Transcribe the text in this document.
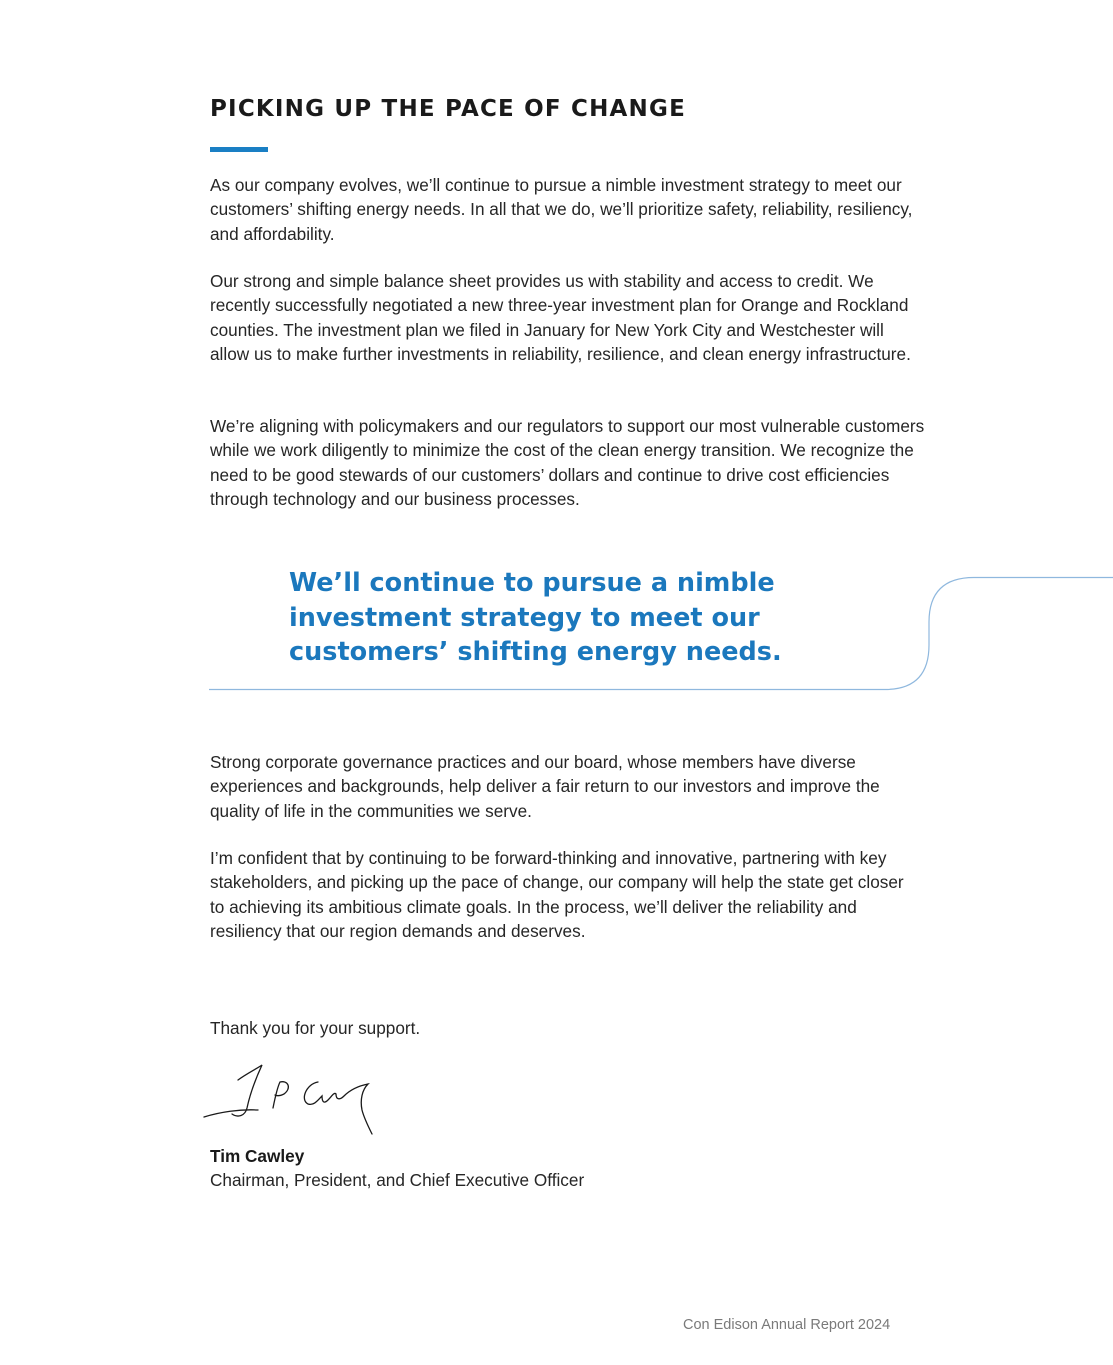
PICKING UP THE PACE OF CHANGE

As our company evolves, we’ll continue to pursue a nimble investment strategy to meet our customers’ shifting energy needs. In all that we do, we’ll prioritize safety, reliability, resiliency, and affordability.

Our strong and simple balance sheet provides us with stability and access to credit. We recently successfully negotiated a new three-year investment plan for Orange and Rockland counties. The investment plan we filed in January for New York City and Westchester will allow us to make further investments in reliability, resilience, and clean energy infrastructure.

We’re aligning with policymakers and our regulators to support our most vulnerable customers while we work diligently to minimize the cost of the clean energy transition. We recognize the need to be good stewards of our customers’ dollars and continue to drive cost efficiencies through technology and our business processes.

We’ll continue to pursue a nimble investment strategy to meet our customers’ shifting energy needs.

Strong corporate governance practices and our board, whose members have diverse experiences and backgrounds, help deliver a fair return to our investors and improve the quality of life in the communities we serve.

I’m confident that by continuing to be forward-thinking and innovative, partnering with key stakeholders, and picking up the pace of change, our company will help the state get closer to achieving its ambitious climate goals. In the process, we’ll deliver the reliability and resiliency that our region demands and deserves.

Thank you for your support.

Tim Cawley

Chairman, President, and Chief Executive Officer

Con Edison Annual Report 2024
